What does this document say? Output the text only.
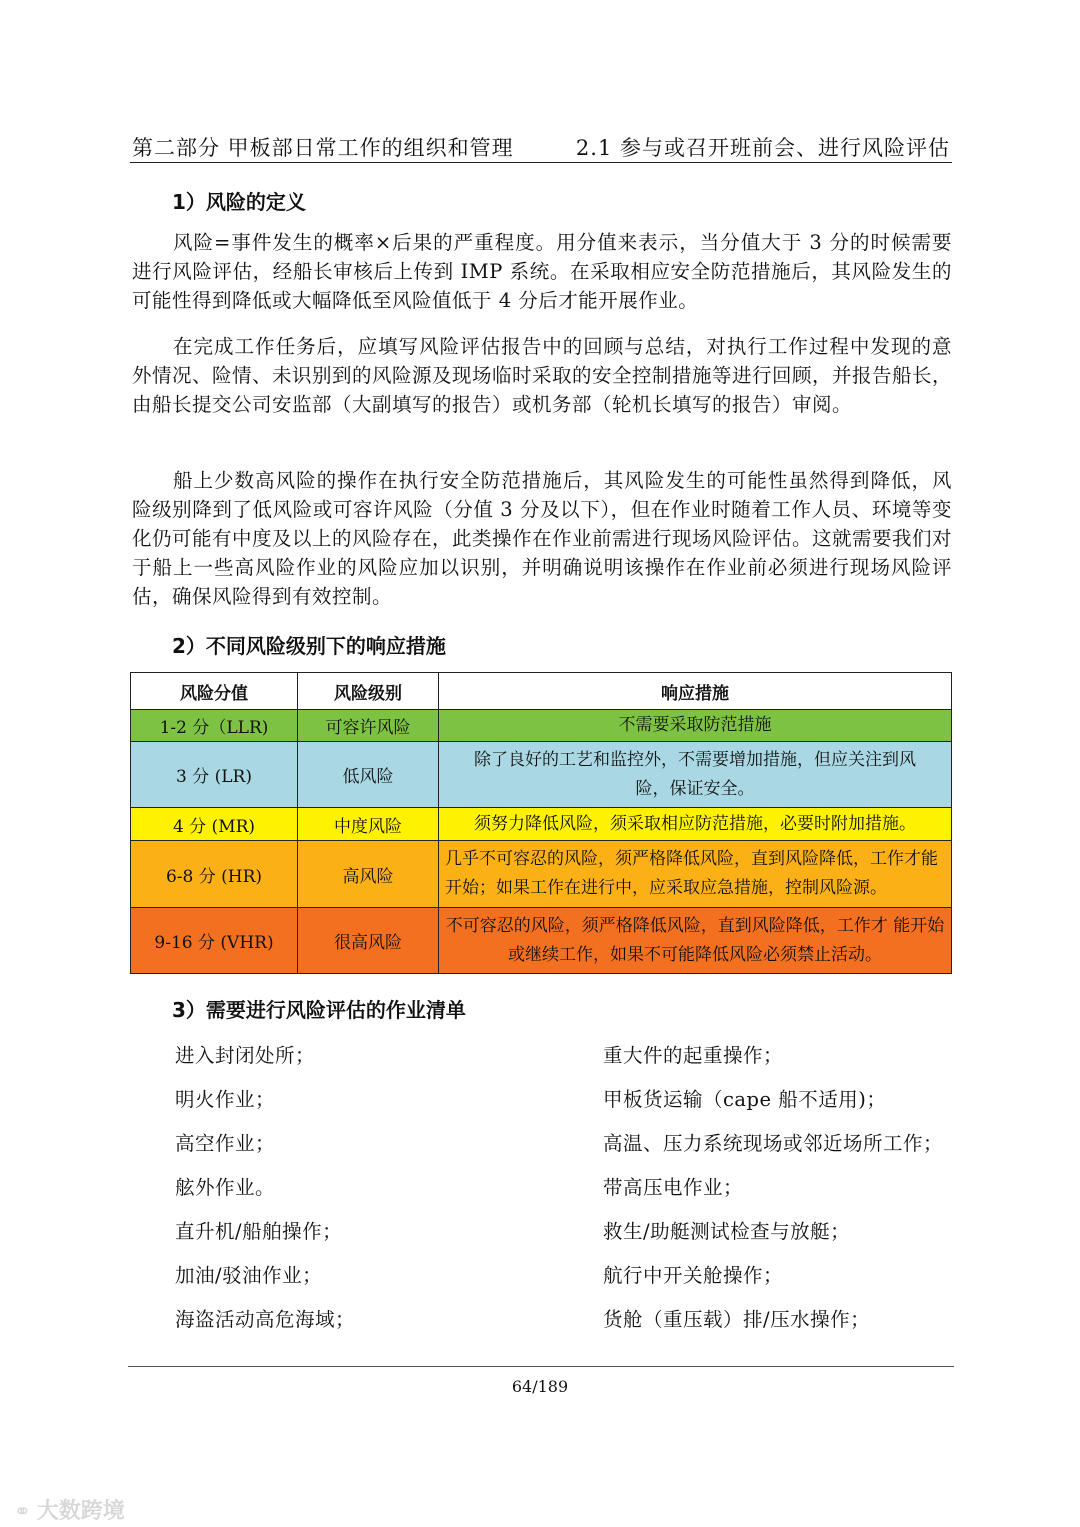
第二部分 甲板部日常工作的组织和管理	2.1 参与或召开班前会、进行风险评估
1）风险的定义
风险=事件发生的概率×后果的严重程度。用分值来表示，当分值大于 3 分的时候需要进行风险评估，经船长审核后上传到 IMP 系统。在采取相应安全防范措施后，其风险发生的可能性得到降低或大幅降低至风险值低于 4 分后才能开展作业。
在完成工作任务后，应填写风险评估报告中的回顾与总结，对执行工作过程中发现的意外情况、险情、未识别到的风险源及现场临时采取的安全控制措施等进行回顾，并报告船长，由船长提交公司安监部（大副填写的报告）或机务部（轮机长填写的报告）审阅。
船上少数高风险的操作在执行安全防范措施后，其风险发生的可能性虽然得到降低，风险级别降到了低风险或可容许风险（分值 3 分及以下），但在作业时随着工作人员、环境等变化仍可能有中度及以上的风险存在，此类操作在作业前需进行现场风险评估。这就需要我们对于船上一些高风险作业的风险应加以识别，并明确说明该操作在作业前必须进行现场风险评估，确保风险得到有效控制。
2）不同风险级别下的响应措施
风险分值	风险级别	响应措施
1-2 分（LLR)	可容许风险	不需要采取防范措施
3 分 (LR)	低风险	除了良好的工艺和监控外，不需要增加措施，但应关注到风险，保证安全。
4 分 (MR)	中度风险	须努力降低风险，须采取相应防范措施，必要时附加措施。
6-8 分 (HR)	高风险	几乎不可容忍的风险，须严格降低风险，直到风险降低，工作才能开始；如果工作在进行中，应采取应急措施，控制风险源。
9-16 分 (VHR)	很高风险	不可容忍的风险，须严格降低风险，直到风险降低，工作才 能开始或继续工作，如果不可能降低风险必须禁止活动。
3）需要进行风险评估的作业清单
进入封闭处所；
明火作业；
高空作业；
舷外作业。
直升机/船舶操作；
加油/驳油作业；
海盗活动高危海域；
重大件的起重操作；
甲板货运输（cape 船不适用)；
高温、压力系统现场或邻近场所工作；
带高压电作业；
救生/助艇测试检查与放艇；
航行中开关舱操作；
货舱（重压载）排/压水操作；
64/189
⚭ 大数跨境
